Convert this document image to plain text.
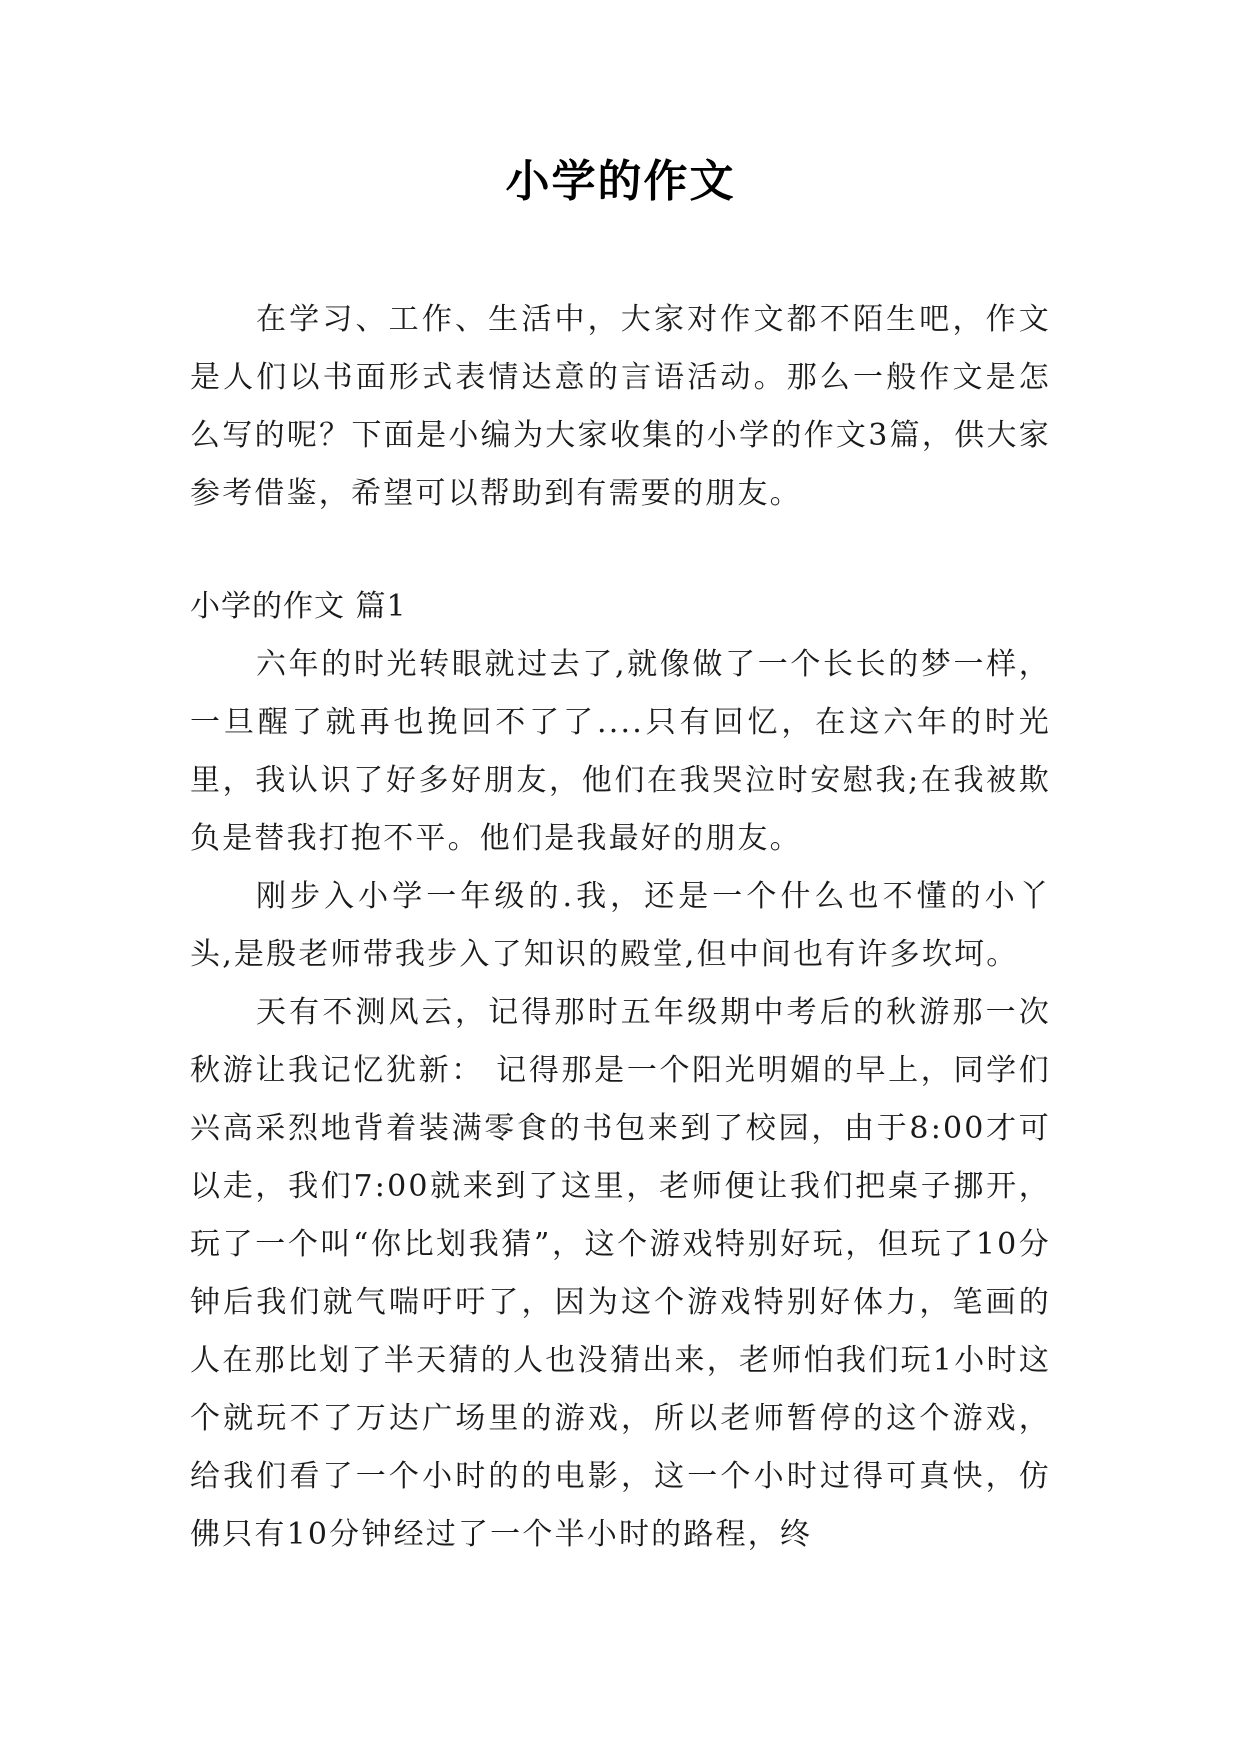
小学的作文

在学习、工作、生活中，大家对作文都不陌生吧，作文是人们以书面形式表情达意的言语活动。那么一般作文是怎么写的呢？下面是小编为大家收集的小学的作文3篇，供大家参考借鉴，希望可以帮助到有需要的朋友。

小学的作文 篇1

六年的时光转眼就过去了,就像做了一个长长的梦一样，一旦醒了就再也挽回不了了....只有回忆，在这六年的时光里，我认识了好多好朋友，他们在我哭泣时安慰我;在我被欺负是替我打抱不平。他们是我最好的朋友。

刚步入小学一年级的.我，还是一个什么也不懂的小丫头,是殷老师带我步入了知识的殿堂,但中间也有许多坎坷。

天有不测风云，记得那时五年级期中考后的秋游那一次秋游让我记忆犹新： 记得那是一个阳光明媚的早上，同学们兴高采烈地背着装满零食的书包来到了校园，由于8:00才可以走，我们7:00就来到了这里，老师便让我们把桌子挪开，玩了一个叫“你比划我猜”，这个游戏特别好玩，但玩了10分钟后我们就气喘吁吁了，因为这个游戏特别好体力，笔画的人在那比划了半天猜的人也没猜出来，老师怕我们玩1小时这个就玩不了万达广场里的游戏，所以老师暂停的这个游戏，给我们看了一个小时的的电影，这一个小时过得可真快，仿佛只有10分钟经过了一个半小时的路程，终
